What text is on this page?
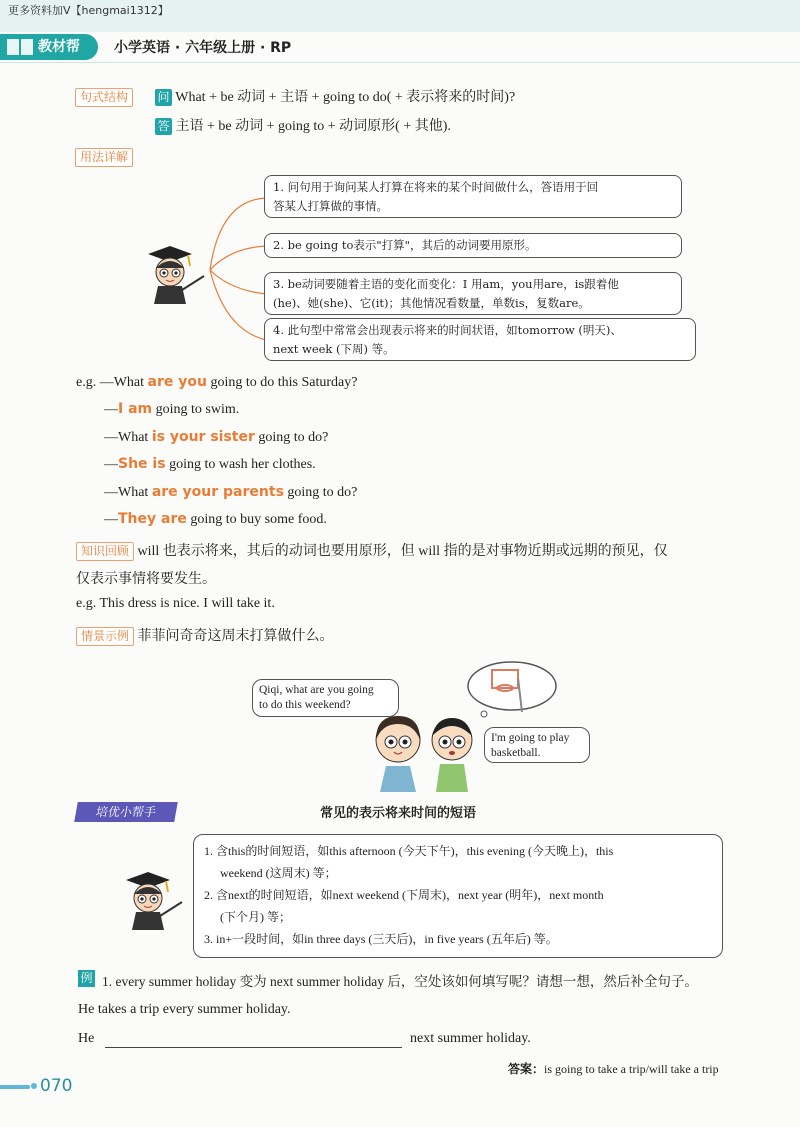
更多资料加V【hengmai1312】
教材帮	小学英语 · 六年级上册 · RP
句式结构	问 What + be 动词 + 主语 + going to do( + 表示将来的时间)?
答 主语 + be 动词 + going to + 动词原形( + 其他).
用法详解
1. 问句用于询问某人打算在将来的某个时间做什么，答语用于回
答某人打算做的事情。
2. be going to表示"打算"，其后的动词要用原形。
3. be动词要随着主语的变化而变化：I 用am，you用are，is跟着他
(he)、她(she)、它(it)；其他情况看数量，单数is，复数are。
4. 此句型中常常会出现表示将来的时间状语，如tomorrow (明天)、
next week (下周) 等。
e.g. —What are you going to do this Saturday?
—I am going to swim.
—What is your sister going to do?
—She is going to wash her clothes.
—What are your parents going to do?
—They are going to buy some food.
知识回顾 will 也表示将来，其后的动词也要用原形，但 will 指的是对事物近期或远期的预见，仅
仅表示事情将要发生。
e.g. This dress is nice. I will take it.
情景示例 菲菲问奇奇这周末打算做什么。
Qiqi, what are you going
to do this weekend?
I'm going to play
basketball.
培优小帮手	常见的表示将来时间的短语
1. 含this的时间短语，如this afternoon (今天下午)，this evening (今天晚上)，this
weekend (这周末) 等；
2. 含next的时间短语，如next weekend (下周末)，next year (明年)，next month
(下个月) 等；
3. in+一段时间，如in three days (三天后)，in five years (五年后) 等。
例 1. every summer holiday 变为 next summer holiday 后，空处该如何填写呢？请想一想，然后补全句子。
He takes a trip every summer holiday.
He	next summer holiday.
答案：is going to take a trip/will take a trip
070
